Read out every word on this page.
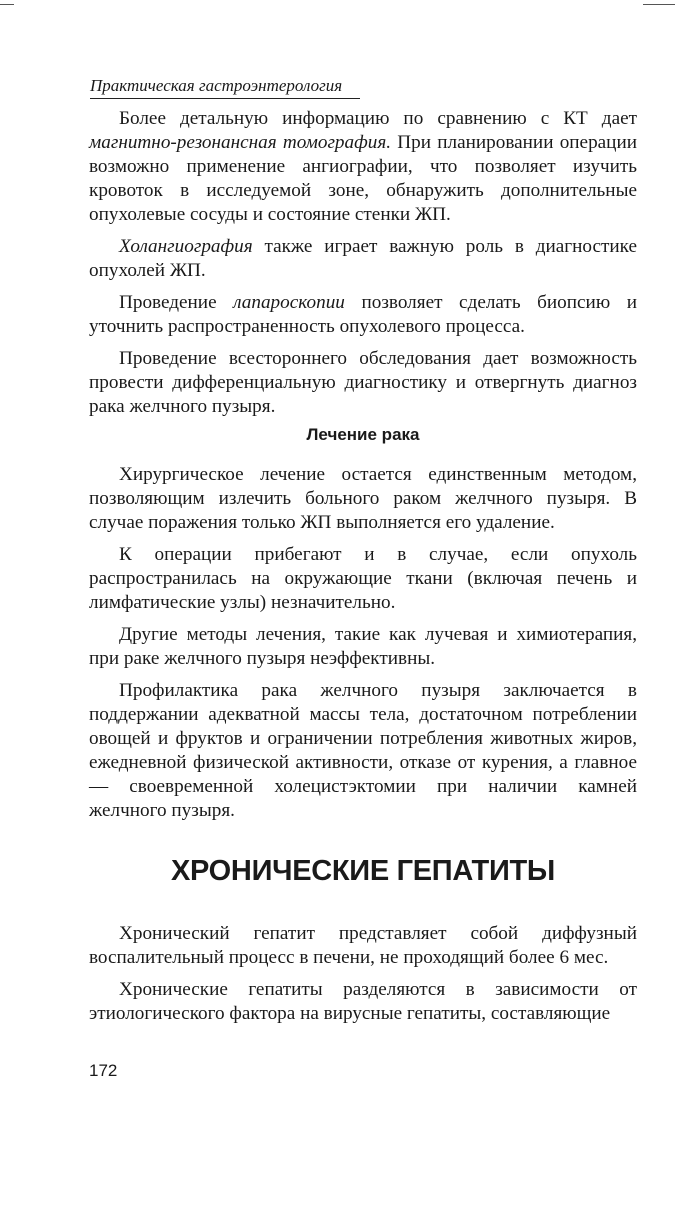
Практическая гастроэнтерология

Более детальную информацию по сравнению с КТ дает магнитно-резонансная томография. При планировании операции возможно применение ангиографии, что позволяет изучить кровоток в исследуемой зоне, обнаружить дополнительные опухолевые сосуды и состояние стенки ЖП.

Холангиография также играет важную роль в диагностике опухолей ЖП.

Проведение лапароскопии позволяет сделать биопсию и уточнить распространенность опухолевого процесса.

Проведение всестороннего обследования дает возможность провести дифференциальную диагностику и отвергнуть диагноз рака желчного пузыря.

Лечение рака

Хирургическое лечение остается единственным методом, позволяющим излечить больного раком желчного пузыря. В случае поражения только ЖП выполняется его удаление.

К операции прибегают и в случае, если опухоль распространилась на окружающие ткани (включая печень и лимфатические узлы) незначительно.

Другие методы лечения, такие как лучевая и химиотерапия, при раке желчного пузыря неэффективны.

Профилактика рака желчного пузыря заключается в поддержании адекватной массы тела, достаточном потреблении овощей и фруктов и ограничении потребления животных жиров, ежедневной физической активности, отказе от курения, а главное — своевременной холецистэктомии при наличии камней желчного пузыря.

ХРОНИЧЕСКИЕ ГЕПАТИТЫ

Хронический гепатит представляет собой диффузный воспалительный процесс в печени, не проходящий более 6 мес.

Хронические гепатиты разделяются в зависимости от этиологического фактора на вирусные гепатиты, составляющие

172
